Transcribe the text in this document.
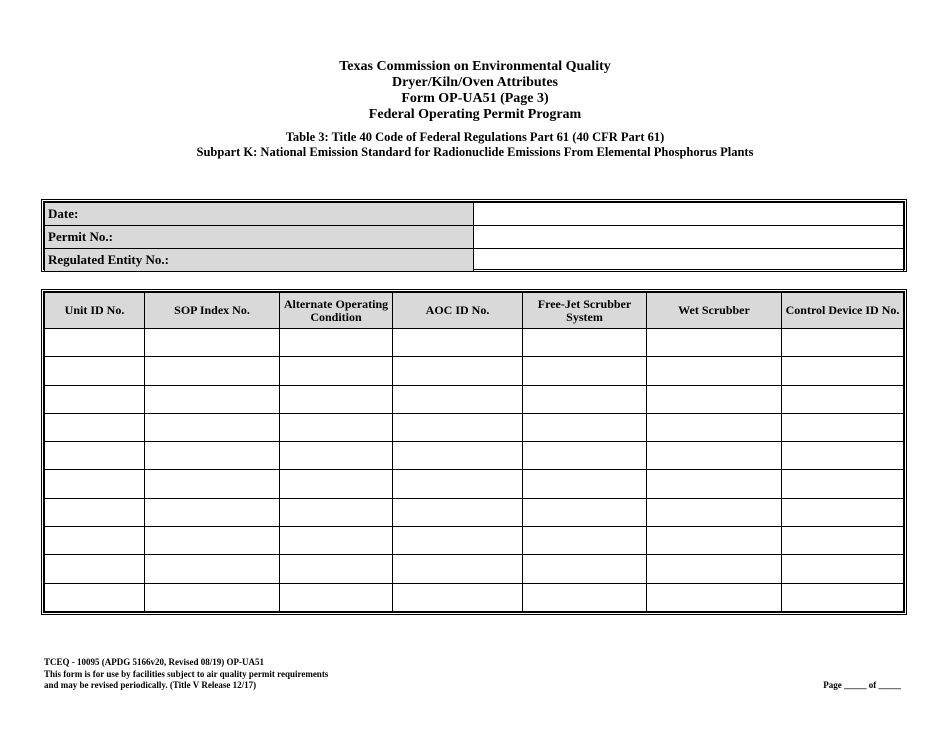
Texas Commission on Environmental Quality
Dryer/Kiln/Oven Attributes
Form OP-UA51 (Page 3)
Federal Operating Permit Program
Table 3: Title 40 Code of Federal Regulations Part 61 (40 CFR Part 61)
Subpart K: National Emission Standard for Radionuclide Emissions From Elemental Phosphorus Plants
Date:	
Permit No.:	
Regulated Entity No.:	
Unit ID No.	SOP Index No.	Alternate Operating Condition	AOC ID No.	Free-Jet Scrubber System	Wet Scrubber	Control Device ID No.

TCEQ - 10095 (APDG 5166v20, Revised 08/19) OP-UA51
This form is for use by facilities subject to air quality permit requirements
and may be revised periodically. (Title V Release 12/17)	Page _____ of _____
